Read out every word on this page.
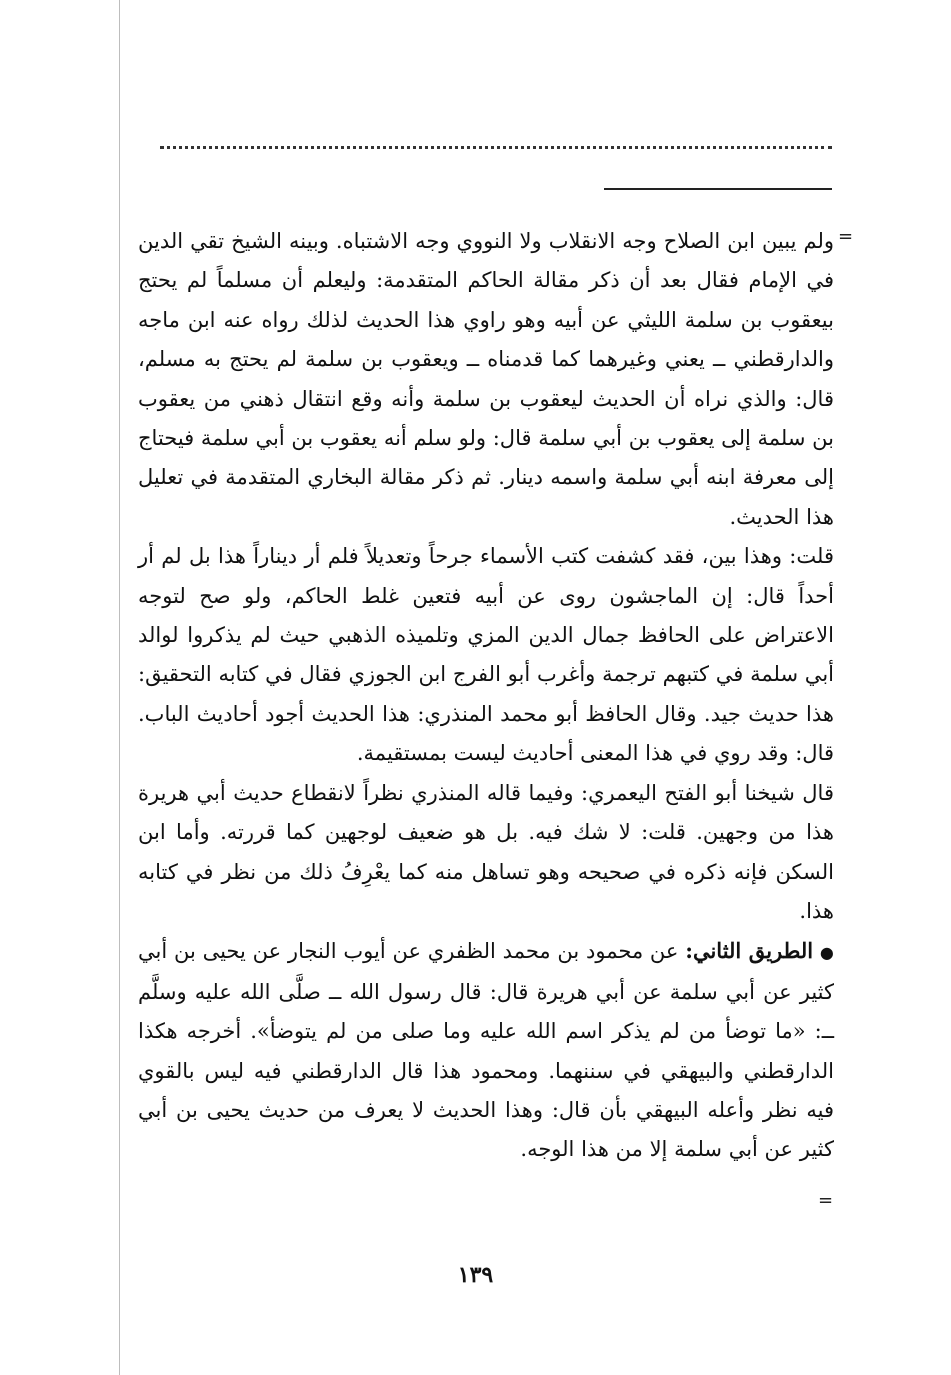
=
=

ولم يبين ابن الصلاح وجه الانقلاب ولا النووي وجه الاشتباه. وبينه الشيخ تقي الدين في الإمام فقال بعد أن ذكر مقالة الحاكم المتقدمة: وليعلم أن مسلماً لم يحتج بيعقوب بن سلمة الليثي عن أبيه وهو راوي هذا الحديث لذلك رواه عنه ابن ماجه والدارقطني ــ يعني وغيرهما كما قدمناه ــ ويعقوب بن سلمة لم يحتج به مسلم، قال: والذي نراه أن الحديث ليعقوب بن سلمة وأنه وقع انتقال ذهني من يعقوب بن سلمة إلى يعقوب بن أبي سلمة قال: ولو سلم أنه يعقوب بن أبي سلمة فيحتاج إلى معرفة ابنه أبي سلمة واسمه دينار. ثم ذكر مقالة البخاري المتقدمة في تعليل هذا الحديث.

قلت: وهذا بين، فقد كشفت كتب الأسماء جرحاً وتعديلاً فلم أر ديناراً هذا بل لم أر أحداً قال: إن الماجشون روى عن أبيه فتعين غلط الحاكم، ولو صح لتوجه الاعتراض على الحافظ جمال الدين المزي وتلميذه الذهبي حيث لم يذكروا لوالد أبي سلمة في كتبهم ترجمة وأغرب أبو الفرج ابن الجوزي فقال في كتابه التحقيق: هذا حديث جيد. وقال الحافظ أبو محمد المنذري: هذا الحديث أجود أحاديث الباب. قال: وقد روي في هذا المعنى أحاديث ليست بمستقيمة.

قال شيخنا أبو الفتح اليعمري: وفيما قاله المنذري نظراً لانقطاع حديث أبي هريرة هذا من وجهين. قلت: لا شك فيه. بل هو ضعيف لوجهين كما قررته. وأما ابن السكن فإنه ذكره في صحيحه وهو تساهل منه كما يعْرِفُ ذلك من نظر في كتابه هذا.

● الطريق الثاني: عن محمود بن محمد الظفري عن أيوب النجار عن يحيى بن أبي كثير عن أبي سلمة عن أبي هريرة قال: قال رسول الله ــ صلَّى الله عليه وسلَّم ــ: «ما توضأ من لم يذكر اسم الله عليه وما صلى من لم يتوضأ». أخرجه هكذا الدارقطني والبيهقي في سننهما. ومحمود هذا قال الدارقطني فيه ليس بالقوي فيه نظر وأعله البيهقي بأن قال: وهذا الحديث لا يعرف من حديث يحيى بن أبي كثير عن أبي سلمة إلا من هذا الوجه.

١٣٩
